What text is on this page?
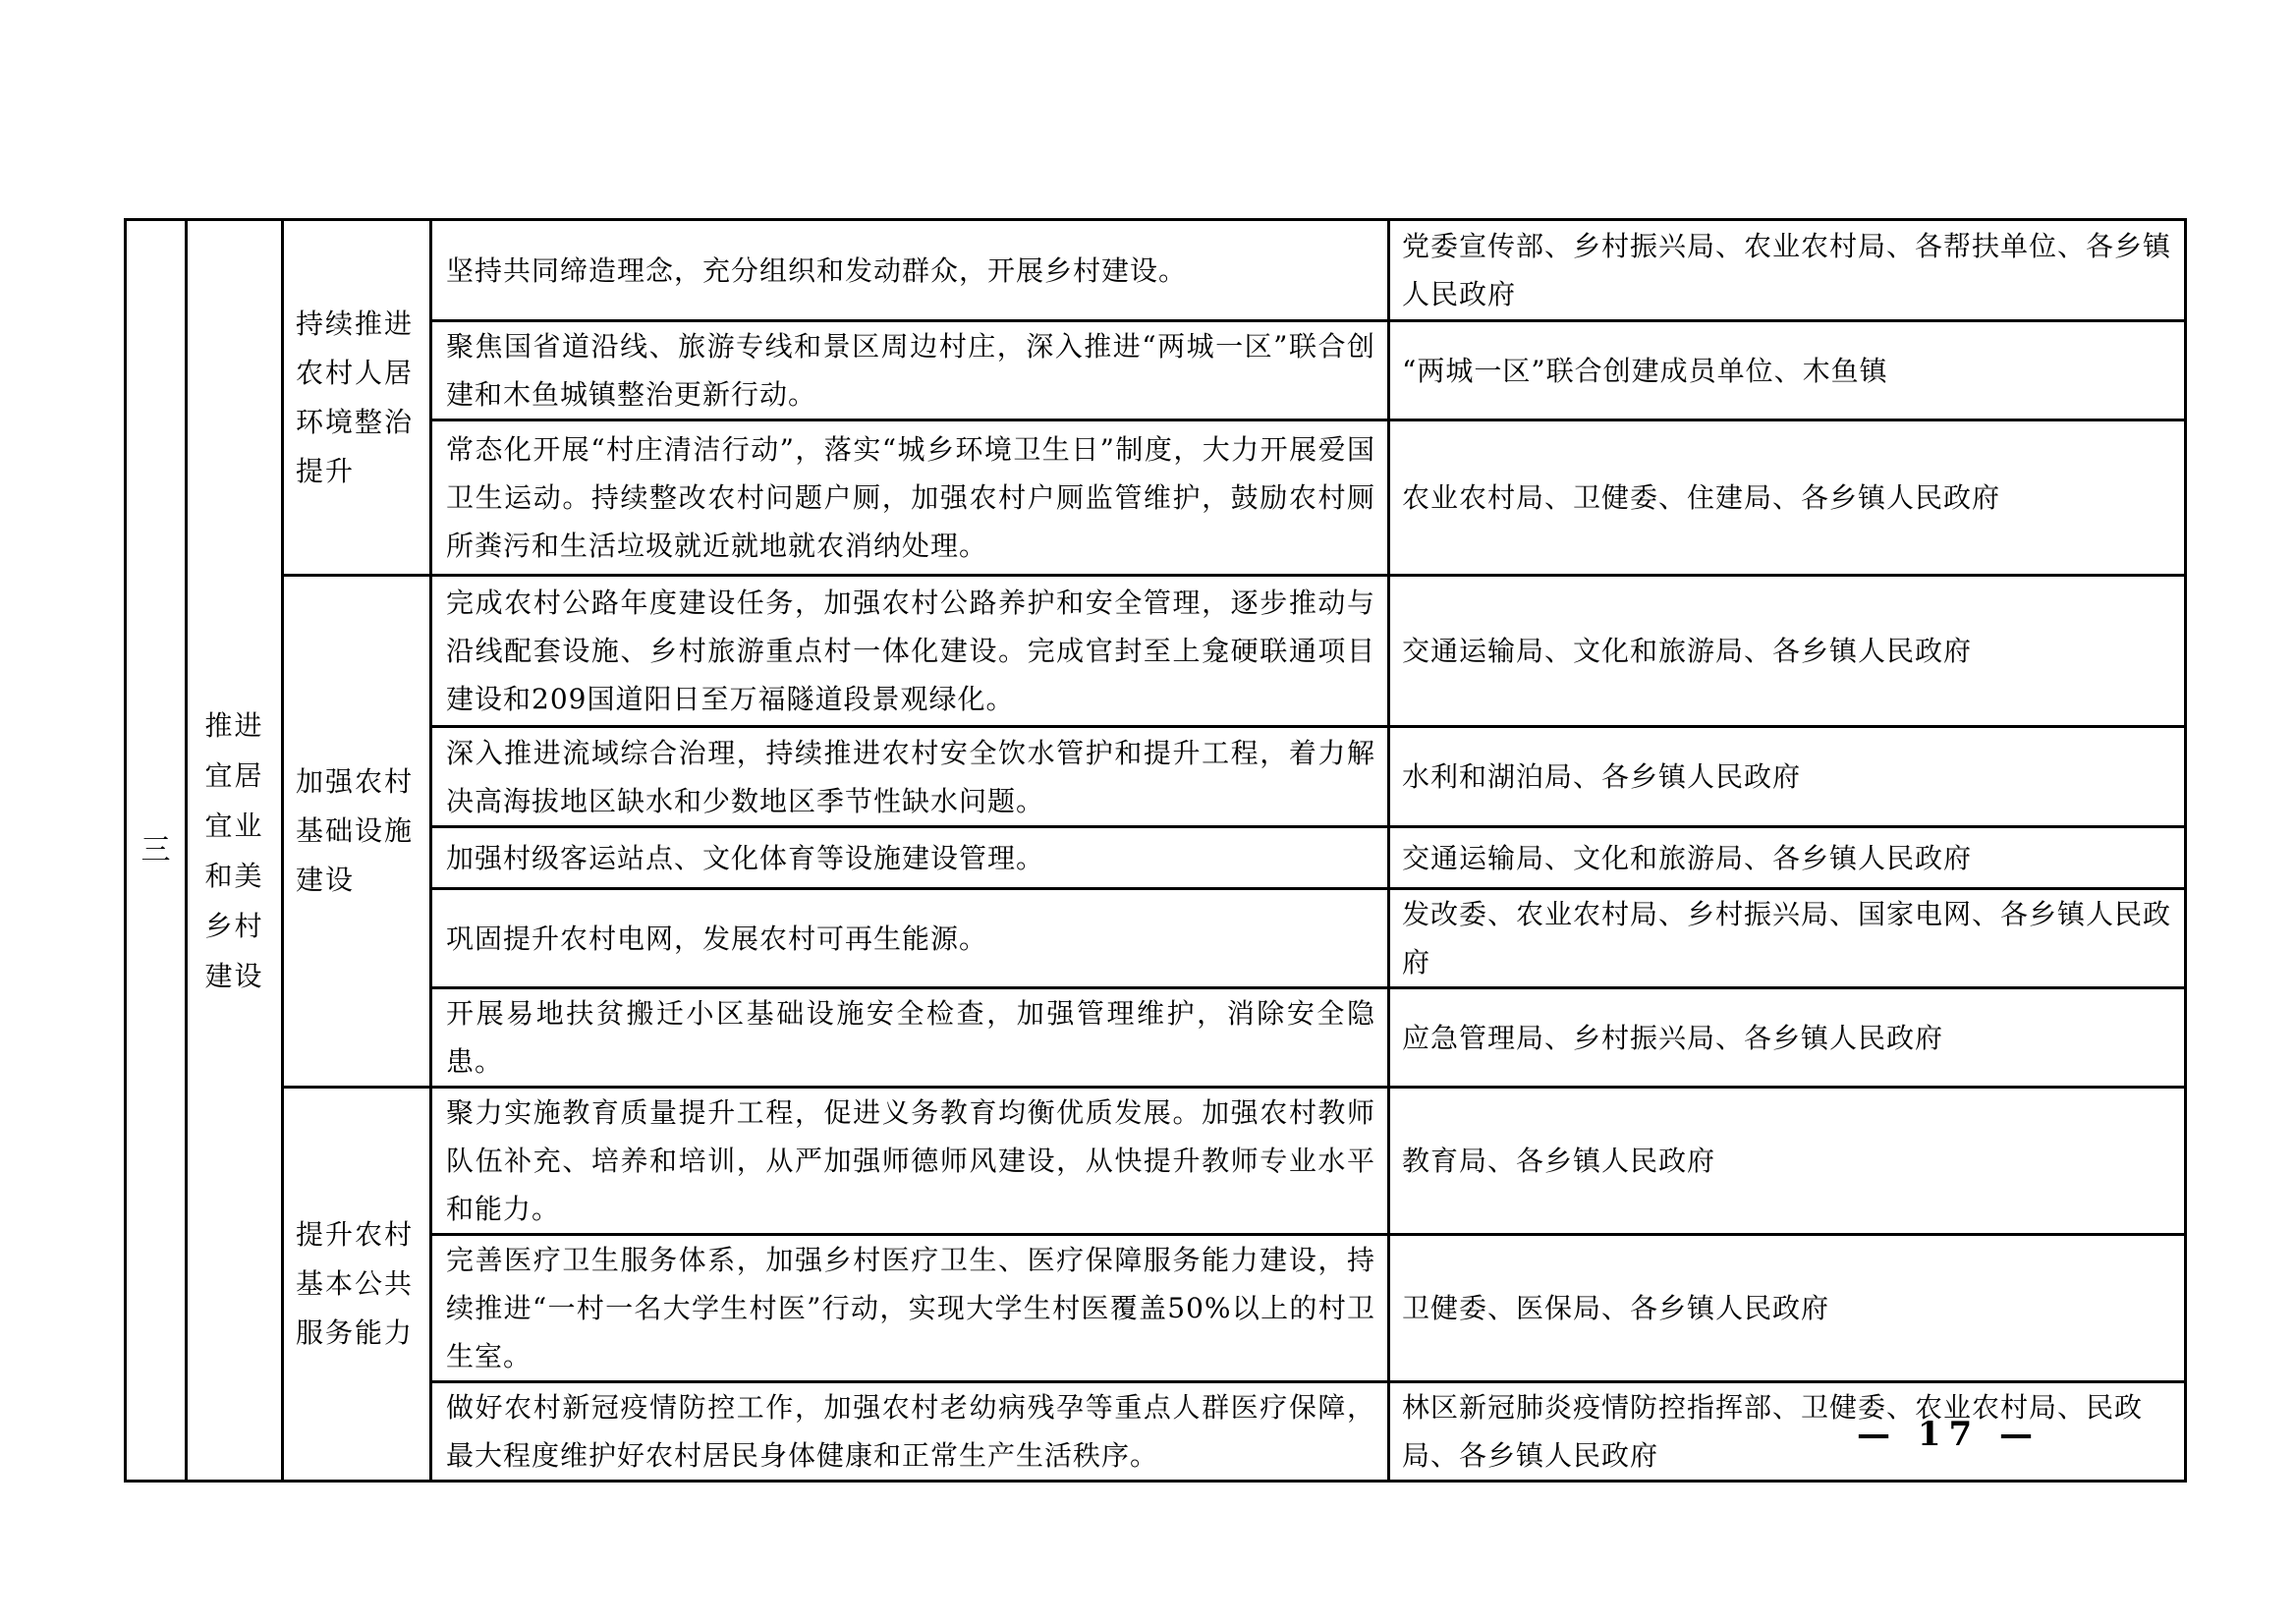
三	推进宜居宜业和美乡村建设	持续推进农村人居环境整治提升	坚持共同缔造理念，充分组织和发动群众，开展乡村建设。	党委宣传部、乡村振兴局、农业农村局、各帮扶单位、各乡镇人民政府
			聚焦国省道沿线、旅游专线和景区周边村庄，深入推进“两城一区”联合创建和木鱼城镇整治更新行动。	“两城一区”联合创建成员单位、木鱼镇
			常态化开展“村庄清洁行动”，落实“城乡环境卫生日”制度，大力开展爱国卫生运动。持续整改农村问题户厕，加强农村户厕监管维护，鼓励农村厕所粪污和生活垃圾就近就地就农消纳处理。	农业农村局、卫健委、住建局、各乡镇人民政府
		加强农村基础设施建设	完成农村公路年度建设任务，加强农村公路养护和安全管理，逐步推动与沿线配套设施、乡村旅游重点村一体化建设。完成官封至上龛硬联通项目建设和209国道阳日至万福隧道段景观绿化。	交通运输局、文化和旅游局、各乡镇人民政府
			深入推进流域综合治理，持续推进农村安全饮水管护和提升工程，着力解决高海拔地区缺水和少数地区季节性缺水问题。	水利和湖泊局、各乡镇人民政府
			加强村级客运站点、文化体育等设施建设管理。	交通运输局、文化和旅游局、各乡镇人民政府
			巩固提升农村电网，发展农村可再生能源。	发改委、农业农村局、乡村振兴局、国家电网、各乡镇人民政府
			开展易地扶贫搬迁小区基础设施安全检查，加强管理维护，消除安全隐患。	应急管理局、乡村振兴局、各乡镇人民政府
		提升农村基本公共服务能力	聚力实施教育质量提升工程，促进义务教育均衡优质发展。加强农村教师队伍补充、培养和培训，从严加强师德师风建设，从快提升教师专业水平和能力。	教育局、各乡镇人民政府
			完善医疗卫生服务体系，加强乡村医疗卫生、医疗保障服务能力建设，持续推进“一村一名大学生村医”行动，实现大学生村医覆盖50%以上的村卫生室。	卫健委、医保局、各乡镇人民政府
			做好农村新冠疫情防控工作，加强农村老幼病残孕等重点人群医疗保障，最大程度维护好农村居民身体健康和正常生产生活秩序。	林区新冠肺炎疫情防控指挥部、卫健委、农业农村局、民政局、各乡镇人民政府
— 17 —
